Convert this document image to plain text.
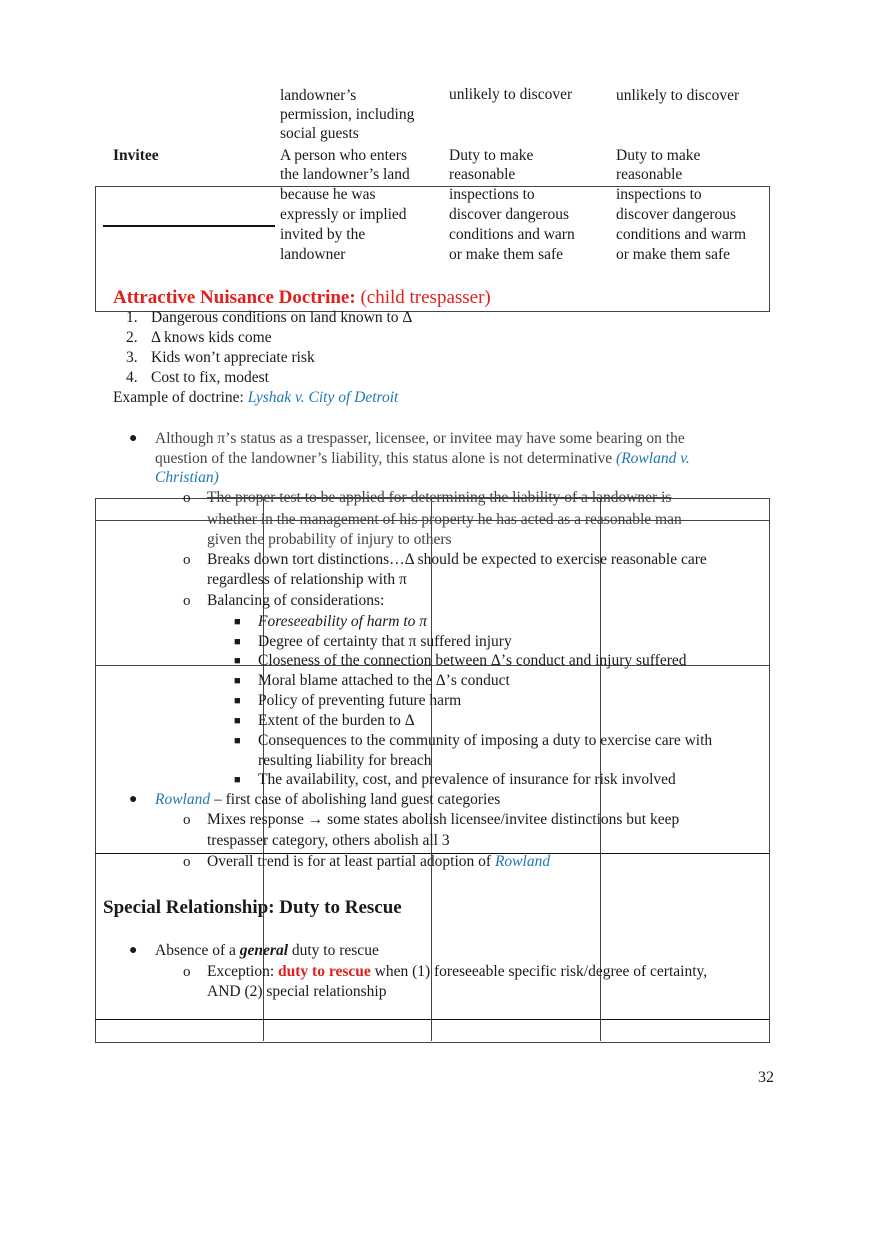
landowner’s
permission, including
social guests
unlikely to discover	unlikely to discover
Invitee	A person who enters
the landowner’s land
because he was
expressly or implied
invited by the
landowner
Duty to make
reasonable
inspections to
discover dangerous
conditions and warn
or make them safe
Duty to make
reasonable
inspections to
discover dangerous
conditions and warm
or make them safe
Attractive Nuisance Doctrine: (child trespasser)
1. Dangerous conditions on land known to Δ
2. Δ knows kids come
3. Kids won’t appreciate risk
4. Cost to fix, modest
Example of doctrine: Lyshak v. City of Detroit
● Although π’s status as a trespasser, licensee, or invitee may have some bearing on the
question of the landowner’s liability, this status alone is not determinative (Rowland v.
Christian)
o The proper test to be applied for determining the liability of a landowner is
whether in the management of his property he has acted as a reasonable man
given the probability of injury to others
o Breaks down tort distinctions…Δ should be expected to exercise reasonable care
regardless of relationship with π
o Balancing of considerations:
■ Foreseeability of harm to π
■ Degree of certainty that π suffered injury
■ Closeness of the connection between Δ’s conduct and injury suffered
■ Moral blame attached to the Δ’s conduct
■ Policy of preventing future harm
■ Extent of the burden to Δ
■ Consequences to the community of imposing a duty to exercise care with
resulting liability for breach
■ The availability, cost, and prevalence of insurance for risk involved
● Rowland – first case of abolishing land guest categories
o Mixes response → some states abolish licensee/invitee distinctions but keep
trespasser category, others abolish all 3
o Overall trend is for at least partial adoption of Rowland
Special Relationship: Duty to Rescue
● Absence of a general duty to rescue
o Exception: duty to rescue when (1) foreseeable specific risk/degree of certainty,
AND (2) special relationship
32
